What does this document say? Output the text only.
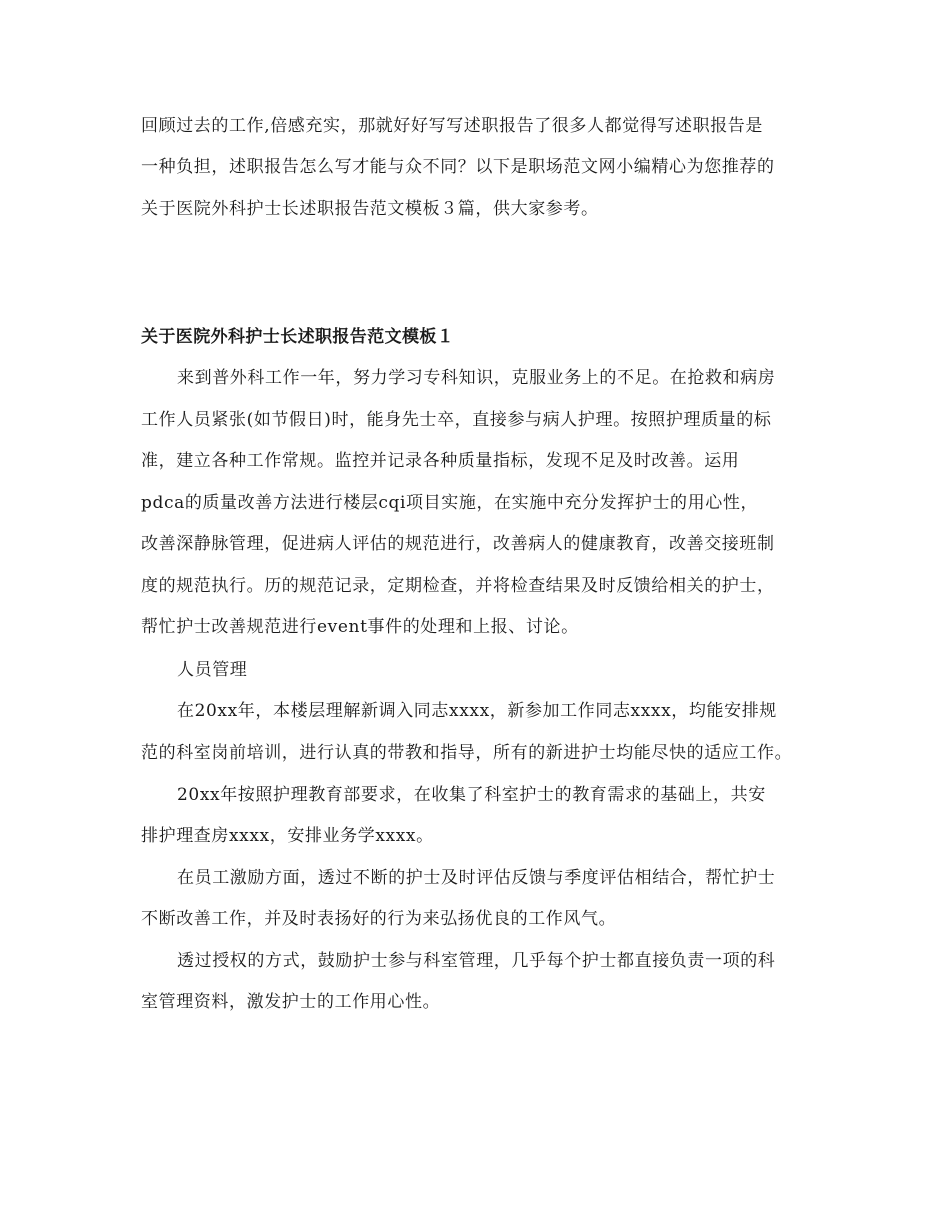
回顾过去的工作,倍感充实，那就好好写写述职报告了很多人都觉得写述职报告是
一种负担，述职报告怎么写才能与众不同？以下是职场范文网小编精心为您推荐的
关于医院外科护士长述职报告范文模板３篇，供大家参考。
关于医院外科护士长述职报告范文模板１
来到普外科工作一年，努力学习专科知识，克服业务上的不足。在抢救和病房
工作人员紧张(如节假日)时，能身先士卒，直接参与病人护理。按照护理质量的标
准，建立各种工作常规。监控并记录各种质量指标，发现不足及时改善。运用
pdca的质量改善方法进行楼层cqi项目实施，在实施中充分发挥护士的用心性，
改善深静脉管理，促进病人评估的规范进行，改善病人的健康教育，改善交接班制
度的规范执行。历的规范记录，定期检查，并将检查结果及时反馈给相关的护士，
帮忙护士改善规范进行event事件的处理和上报、讨论。
人员管理
在20xx年，本楼层理解新调入同志xxxx，新参加工作同志xxxx，均能安排规
范的科室岗前培训，进行认真的带教和指导，所有的新进护士均能尽快的适应工作。
20xx年按照护理教育部要求，在收集了科室护士的教育需求的基础上，共安
排护理查房xxxx，安排业务学xxxx。
在员工激励方面，透过不断的护士及时评估反馈与季度评估相结合，帮忙护士
不断改善工作，并及时表扬好的行为来弘扬优良的工作风气。
透过授权的方式，鼓励护士参与科室管理，几乎每个护士都直接负责一项的科
室管理资料，激发护士的工作用心性。
